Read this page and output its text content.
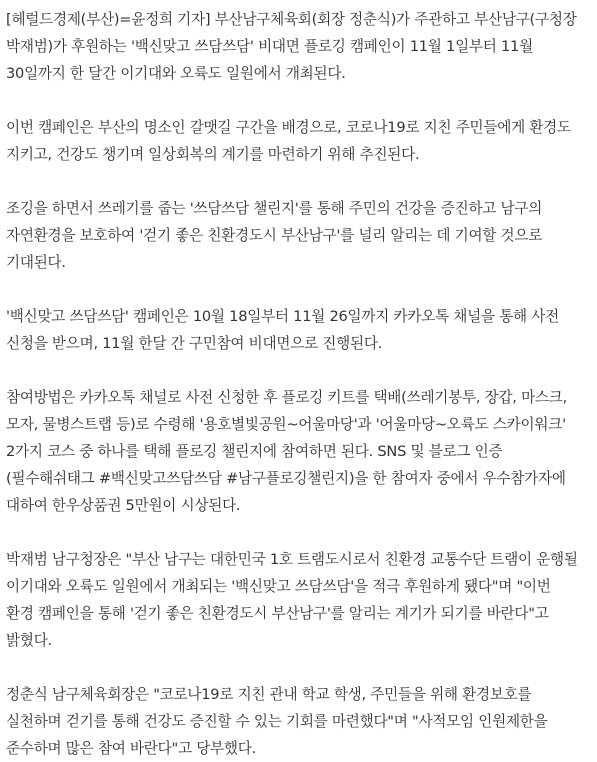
[헤럴드경제(부산)=윤정희 기자] 부산남구체육회(회장 정춘식)가 주관하고 부산남구(구청장 박재범)가 후원하는 '백신맞고 쓰담쓰담' 비대면 플로깅 캠페인이 11월 1일부터 11월 30일까지 한 달간 이기대와 오륙도 일원에서 개최된다.

이번 캠페인은 부산의 명소인 갈맷길 구간을 배경으로, 코로나19로 지친 주민들에게 환경도 지키고, 건강도 챙기며 일상회복의 계기를 마련하기 위해 추진된다.

조깅을 하면서 쓰레기를 줍는 '쓰담쓰담 챌린지'를 통해 주민의 건강을 증진하고 남구의 자연환경을 보호하여 '걷기 좋은 친환경도시 부산남구'를 널리 알리는 데 기여할 것으로 기대된다.

'백신맞고 쓰담쓰담' 캠페인은 10월 18일부터 11월 26일까지 카카오톡 채널을 통해 사전 신청을 받으며, 11월 한달 간 구민참여 비대면으로 진행된다.

참여방법은 카카오톡 채널로 사전 신청한 후 플로깅 키트를 택배(쓰레기봉투, 장갑, 마스크, 모자, 물병스트랩 등)로 수령해 '용호별빛공원~어울마당'과 '어울마당~오륙도 스카이워크' 2가지 코스 중 하나를 택해 플로깅 챌린지에 참여하면 된다. SNS 및 블로그 인증(필수해쉬태그 #백신맞고쓰담쓰담 #남구플로깅챌린지)을 한 참여자 중에서 우수참가자에 대하여 한우상품권 5만원이 시상된다.

박재범 남구청장은 "부산 남구는 대한민국 1호 트램도시로서 친환경 교통수단 트램이 운행될 이기대와 오륙도 일원에서 개최되는 '백신맞고 쓰담쓰담'을 적극 후원하게 됐다"며 "이번 환경 캠페인을 통해 '걷기 좋은 친환경도시 부산남구'를 알리는 계기가 되기를 바란다"고 밝혔다.

정춘식 남구체육회장은 "코로나19로 지친 관내 학교 학생, 주민들을 위해 환경보호를 실천하며 걷기를 통해 건강도 증진할 수 있는 기회를 마련했다"며 "사적모임 인원제한을 준수하며 많은 참여 바란다"고 당부했다.
